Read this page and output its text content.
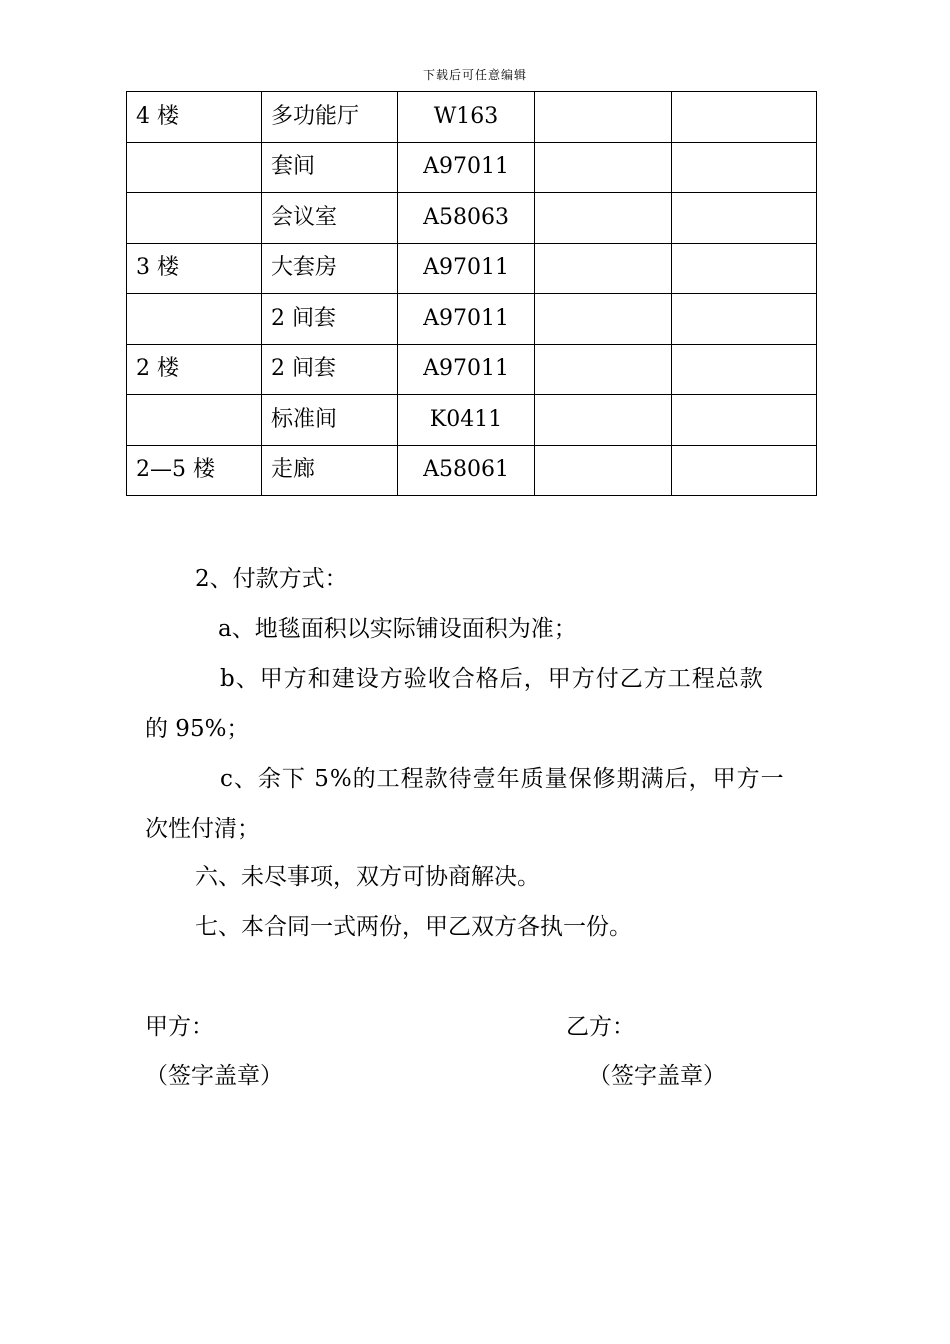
下载后可任意编辑
4 楼	多功能厅	W163		
	套间	A97011		
	会议室	A58063		
3 楼	大套房	A97011		
	2 间套	A97011		
2 楼	2 间套	A97011		
	标准间	K0411		
2—5 楼	走廊	A58061		
2、付款方式：
a、地毯面积以实际铺设面积为准；
b、甲方和建设方验收合格后，甲方付乙方工程总款
的 95%；
c、余下 5%的工程款待壹年质量保修期满后，甲方一
次性付清；
六、未尽事项，双方可协商解决。
七、本合同一式两份，甲乙双方各执一份。
甲方：	乙方：
（签字盖章）	（签字盖章）
